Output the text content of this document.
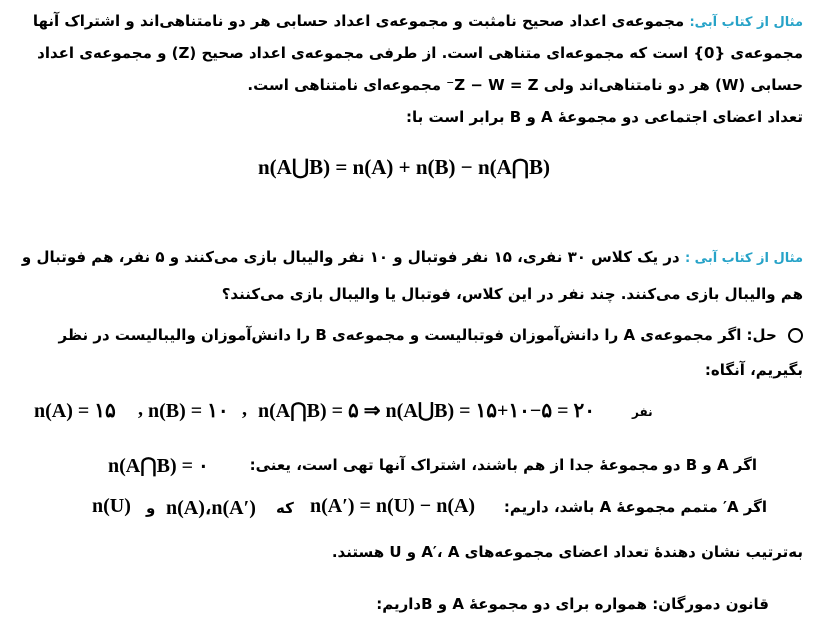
مثال از کتاب آبی: مجموعه‌ی اعداد صحیح نامثبت و مجموعه‌ی اعداد حسابی هر دو نامتناهی‌اند و اشتراک آنها
مجموعه‌ی {0} است که مجموعه‌ای متناهی است. از طرفی مجموعه‌ی اعداد صحیح (Z) و مجموعه‌ی اعداد
حسابی (W) هر دو نامتناهی‌اند ولی Z − W = Z⁻ مجموعه‌ای نامتناهی است.
تعداد اعضای اجتماعی دو مجموعهٔ A و B برابر است با:
n(A⋃B) = n(A) + n(B) − n(A⋂B)
مثال از کتاب آبی : در یک کلاس ۳۰ نفری، ۱۵ نفر فوتبال و ۱۰ نفر والیبال بازی می‌کنند و ۵ نفر، هم فوتبال و
هم والیبال بازی می‌کنند. چند نفر در این کلاس، فوتبال یا والیبال بازی می‌کنند؟
حل: اگر مجموعه‌ی A را دانش‌آموزان فوتبالیست و مجموعه‌ی B را دانش‌آموزان والیبالیست در نظر
بگیریم، آنگاه:
n(A) = ۱۵ , n(B) = ۱۰ , n(A⋂B) = ۵ ⇒ n(A⋃B) = ۱۵+۱۰−۵ = ۲۰	نفر
n(A⋂B) = ۰	اگر A و B دو مجموعهٔ جدا از هم باشند، اشتراک آنها تهی است، یعنی:
n(U) و n(A)،n(A′) که n(A′) = n(U) − n(A) اگر A′ متمم مجموعهٔ A باشد، داریم:
به‌ترتیب نشان دهندهٔ تعداد اعضای مجموعه‌های A′، A و U هستند.
قانون دمورگان: همواره برای دو مجموعهٔ A و Bداریم:
